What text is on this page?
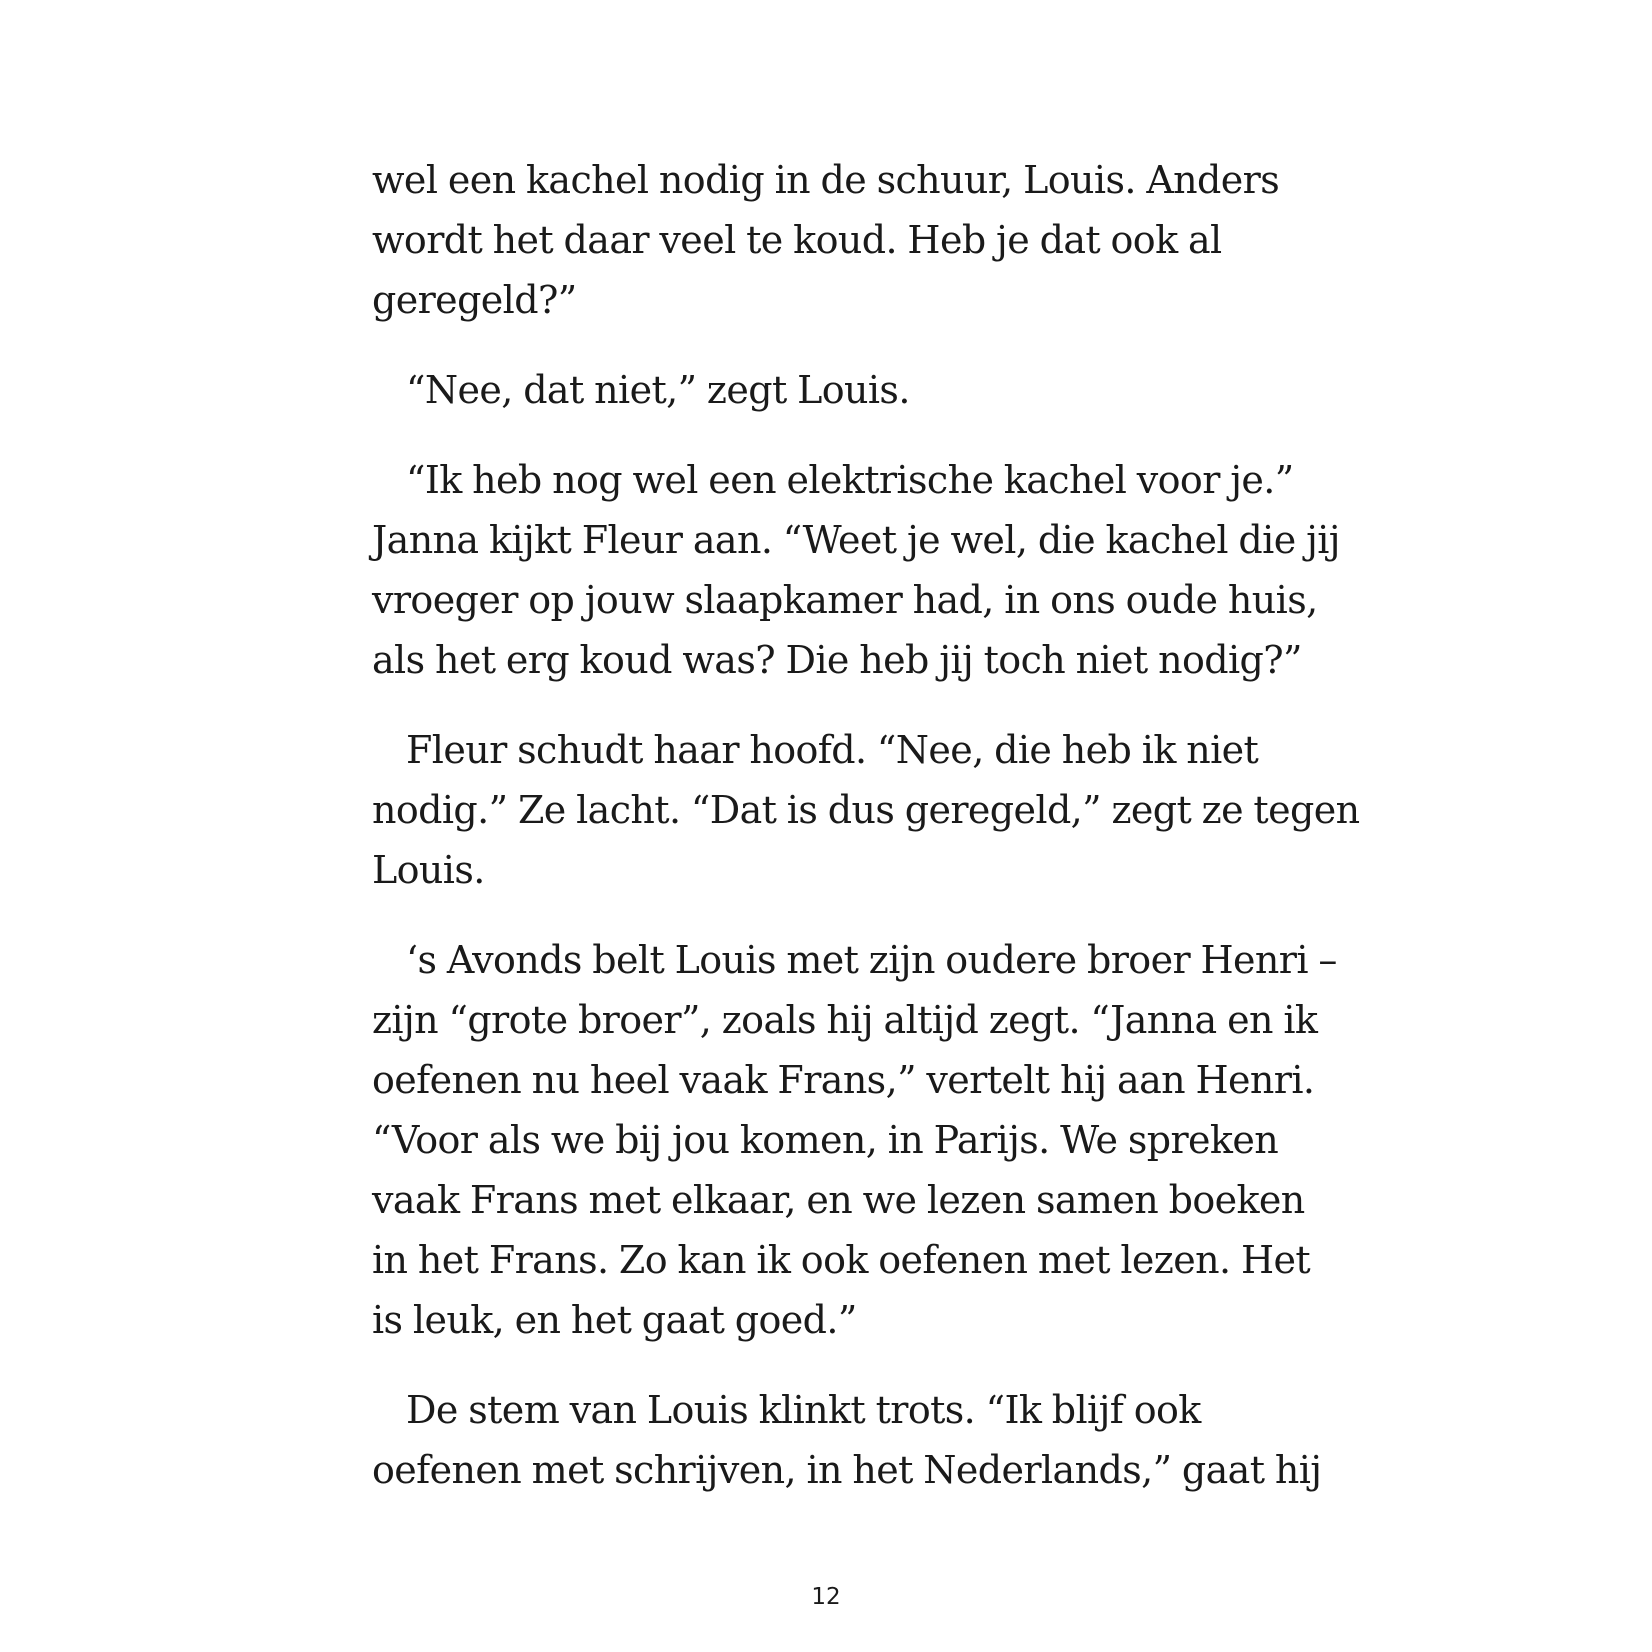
wel een kachel nodig in de schuur, Louis. Anders
wordt het daar veel te koud. Heb je dat ook al
geregeld?”

“Nee, dat niet,” zegt Louis.

“Ik heb nog wel een elektrische kachel voor je.”
Janna kijkt Fleur aan. “Weet je wel, die kachel die jij
vroeger op jouw slaapkamer had, in ons oude huis,
als het erg koud was? Die heb jij toch niet nodig?”

Fleur schudt haar hoofd. “Nee, die heb ik niet
nodig.” Ze lacht. “Dat is dus geregeld,” zegt ze tegen
Louis.

‘s Avonds belt Louis met zijn oudere broer Henri –
zijn “grote broer”, zoals hij altijd zegt. “Janna en ik
oefenen nu heel vaak Frans,” vertelt hij aan Henri.
“Voor als we bij jou komen, in Parijs. We spreken
vaak Frans met elkaar, en we lezen samen boeken
in het Frans. Zo kan ik ook oefenen met lezen. Het
is leuk, en het gaat goed.”

De stem van Louis klinkt trots. “Ik blijf ook
oefenen met schrijven, in het Nederlands,” gaat hij

12
